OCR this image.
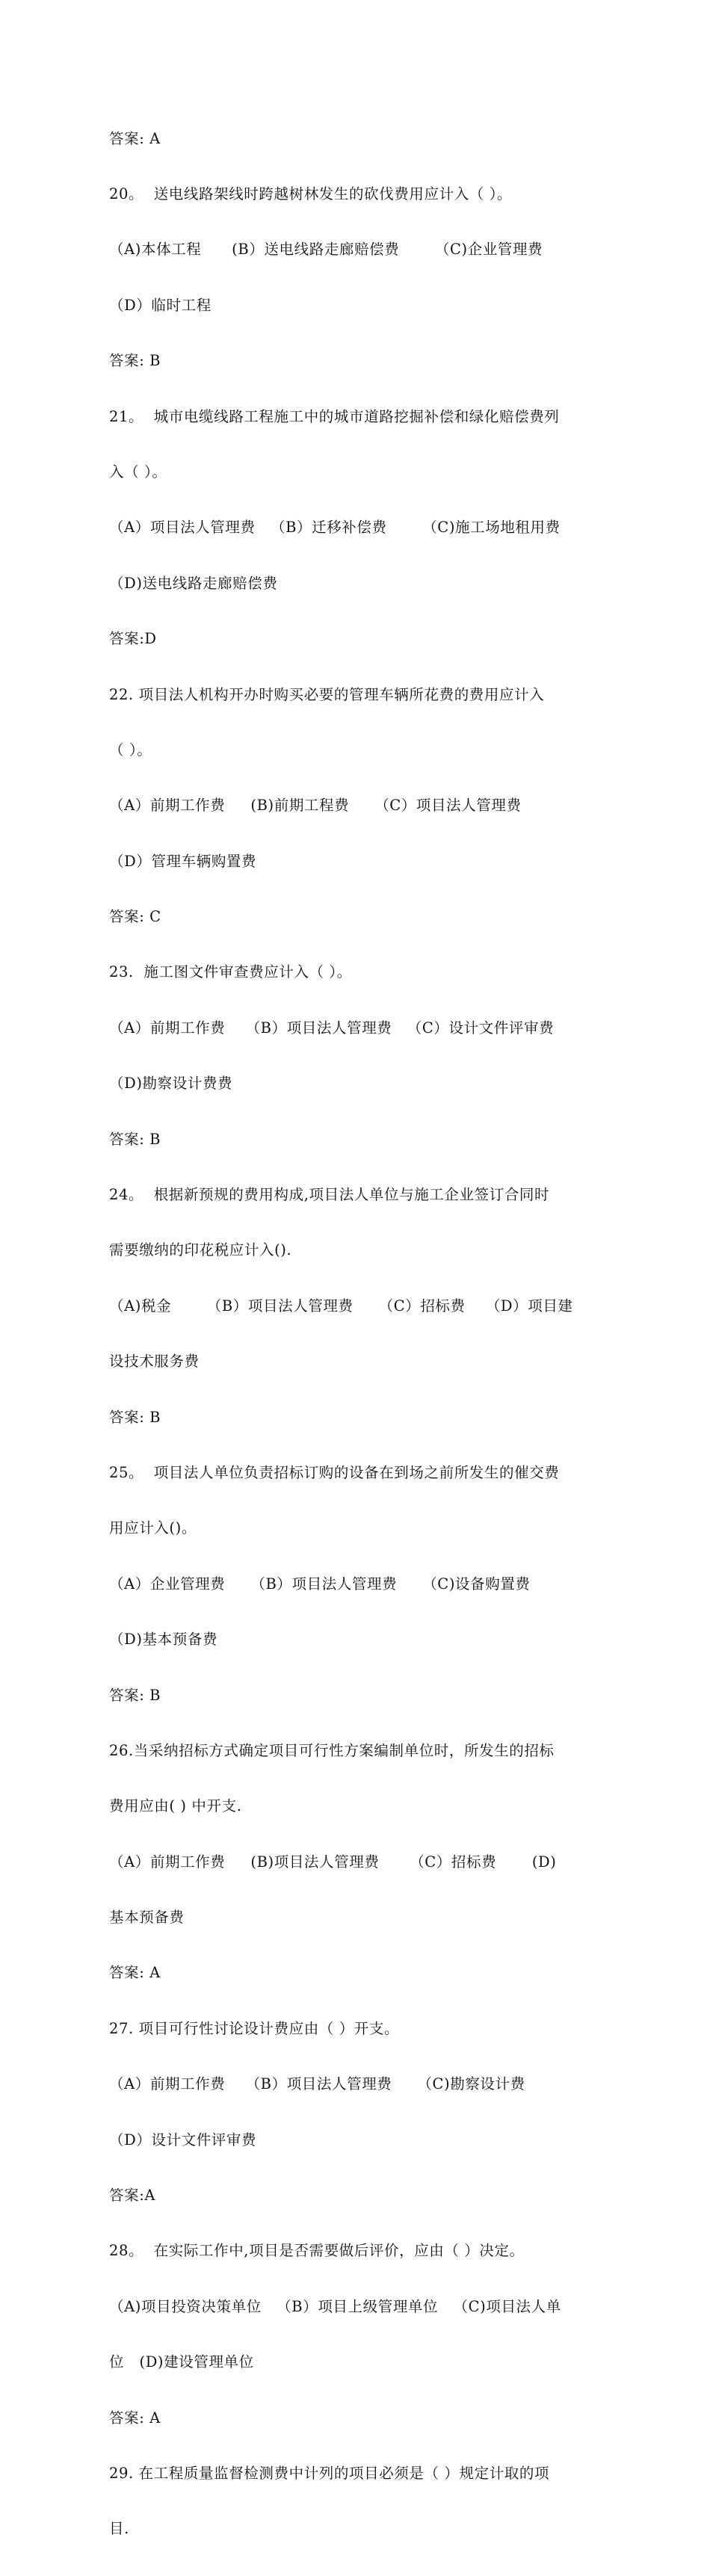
答案: A

20。  送电线路架线时跨越树林发生的砍伐费用应计入（ ）。

（A)本体工程      (B）送电线路走廊赔偿费       （C)企业管理费

（D）临时工程

答案: B

21。  城市电缆线路工程施工中的城市道路挖掘补偿和绿化赔偿费列

入（ ）。

（A）项目法人管理费   （B）迁移补偿费       （C)施工场地租用费

（D)送电线路走廊赔偿费

答案:D

22. 项目法人机构开办时购买必要的管理车辆所花费的费用应计入

（ ）。

（A）前期工作费     (B)前期工程费     （C）项目法人管理费

（D）管理车辆购置费

答案: C

23.  施工图文件审查费应计入（ ）。

（A）前期工作费    （B）项目法人管理费   （C）设计文件评审费

（D)勘察设计费费

答案: B

24。  根据新预规的费用构成,项目法人单位与施工企业签订合同时

需要缴纳的印花税应计入().

（A)税金       （B）项目法人管理费     （C）招标费    （D）项目建

设技术服务费

答案: B

25。  项目法人单位负责招标订购的设备在到场之前所发生的催交费

用应计入()。

（A）企业管理费     （B）项目法人管理费     （C)设备购置费

（D)基本预备费

答案: B

26.当采纳招标方式确定项目可行性方案编制单位时，所发生的招标

费用应由( ) 中开支.

（A）前期工作费     (B)项目法人管理费      （C）招标费       (D)

基本预备费

答案: A

27. 项目可行性讨论设计费应由（ ）开支。

（A）前期工作费    （B）项目法人管理费     （C)勘察设计费

（D）设计文件评审费

答案:A

28。  在实际工作中,项目是否需要做后评价，应由（ ）决定。

（A)项目投资决策单位   （B）项目上级管理单位   （C)项目法人单

位   (D)建设管理单位

答案: A

29. 在工程质量监督检测费中计列的项目必须是（ ）规定计取的项

目.
